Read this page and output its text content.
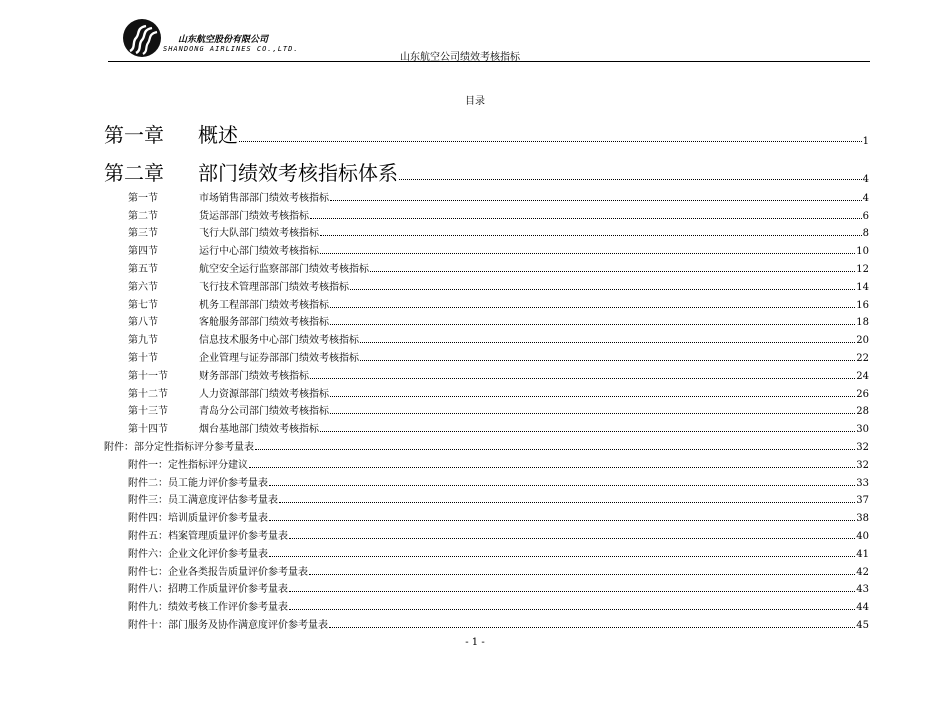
山东航空股份有限公司
SHANDONG AIRLINES CO.,LTD.
山东航空公司绩效考核指标
目录
第一章	概述	1
第二章	部门绩效考核指标体系	4
第一节	市场销售部部门绩效考核指标	4
第二节	货运部部门绩效考核指标	6
第三节	飞行大队部门绩效考核指标	8
第四节	运行中心部门绩效考核指标	10
第五节	航空安全运行监察部部门绩效考核指标	12
第六节	飞行技术管理部部门绩效考核指标	14
第七节	机务工程部部门绩效考核指标	16
第八节	客舱服务部部门绩效考核指标	18
第九节	信息技术服务中心部门绩效考核指标	20
第十节	企业管理与证券部部门绩效考核指标	22
第十一节	财务部部门绩效考核指标	24
第十二节	人力资源部部门绩效考核指标	26
第十三节	青岛分公司部门绩效考核指标	28
第十四节	烟台基地部门绩效考核指标	30
附件：部分定性指标评分参考量表	32
附件一：定性指标评分建议	32
附件二：员工能力评价参考量表	33
附件三：员工满意度评估参考量表	37
附件四：培训质量评价参考量表	38
附件五：档案管理质量评价参考量表	40
附件六：企业文化评价参考量表	41
附件七：企业各类报告质量评价参考量表	42
附件八：招聘工作质量评价参考量表	43
附件九：绩效考核工作评价参考量表	44
附件十：部门服务及协作满意度评价参考量表	45
- 1 -
